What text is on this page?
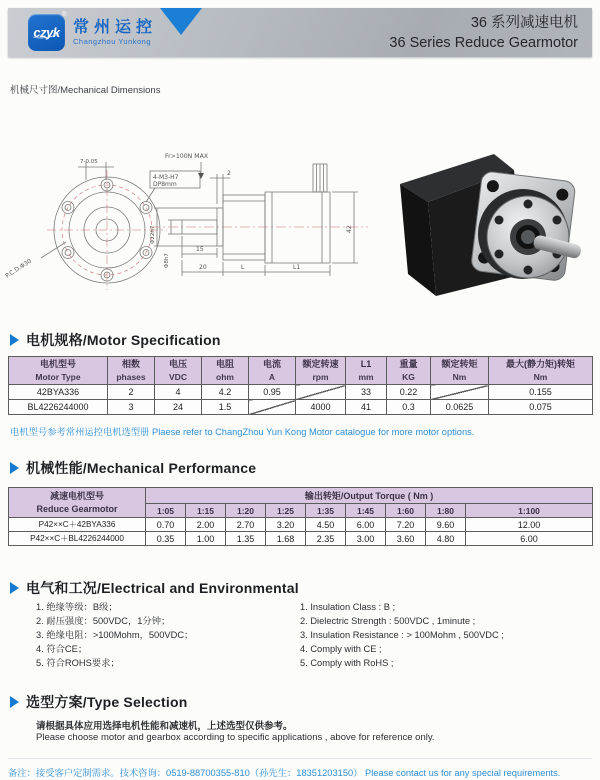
czyk
®
常州运控
Changzhou Yunkong
36 系列减速电机
36 Series Reduce Gearmotor
机械尺寸图/Mechanical Dimensions
7-0.05
4-M3-H7
DP8mm
P.C.D.Φ30
Fr>100N MAX
2
Φ22h7
Φ8h7
15
20	L	L1
42
电机规格/Motor Specification
电机型号
Motor Type

相数
phases

电压
VDC

电阻
ohm

电流
A

额定转速
rpm

L1
mm

重量
KG

额定转矩
Nm

最大(静力矩)转矩
Nm

42BYA336	2	4	4.2	0.95		33	0.22		0.155
BL4226244000	3	24	1.5		4000	41	0.3	0.0625	0.075
电机型号参考常州运控电机选型册 Plaese refer to ChangZhou Yun Kong Motor catalogue for more motor options.
机械性能/Mechanical Performance
减速电机型号
Reduce Gearmotor	输出转矩/Output Torque ( Nm )								
	1:05	1:15	1:20	1:25	1:35	1:45	1:60	1:80	1:100
P42××C＋42BYA336	0.70	2.00	2.70	3.20	4.50	6.00	7.20	9.60	12.00
P42××C＋BL4226244000	0.35	1.00	1.35	1.68	2.35	3.00	3.60	4.80	6.00
电气和工况/Electrical and Environmental
1. 绝缘等级：B级；
2. 耐压强度：500VDC，1分钟；
3. 绝缘电阻：>100Mohm，500VDC；
4. 符合CE；
5. 符合ROHS要求；
1. Insulation Class : B ;
2. Dielectric Strength : 500VDC , 1minute ;
3. Insulation Resistance : > 100Mohm , 500VDC ;
4. Comply with CE ;
5. Comply with RoHS ;
选型方案/Type Selection
请根据具体应用选择电机性能和减速机，上述选型仅供参考。
Please choose motor and gearbox according to specific applications , above for reference only.
备注：接受客户定制需求。技术咨询：0519-88700355-810（孙先生：18351203150） Please contact us for any special requirements.
